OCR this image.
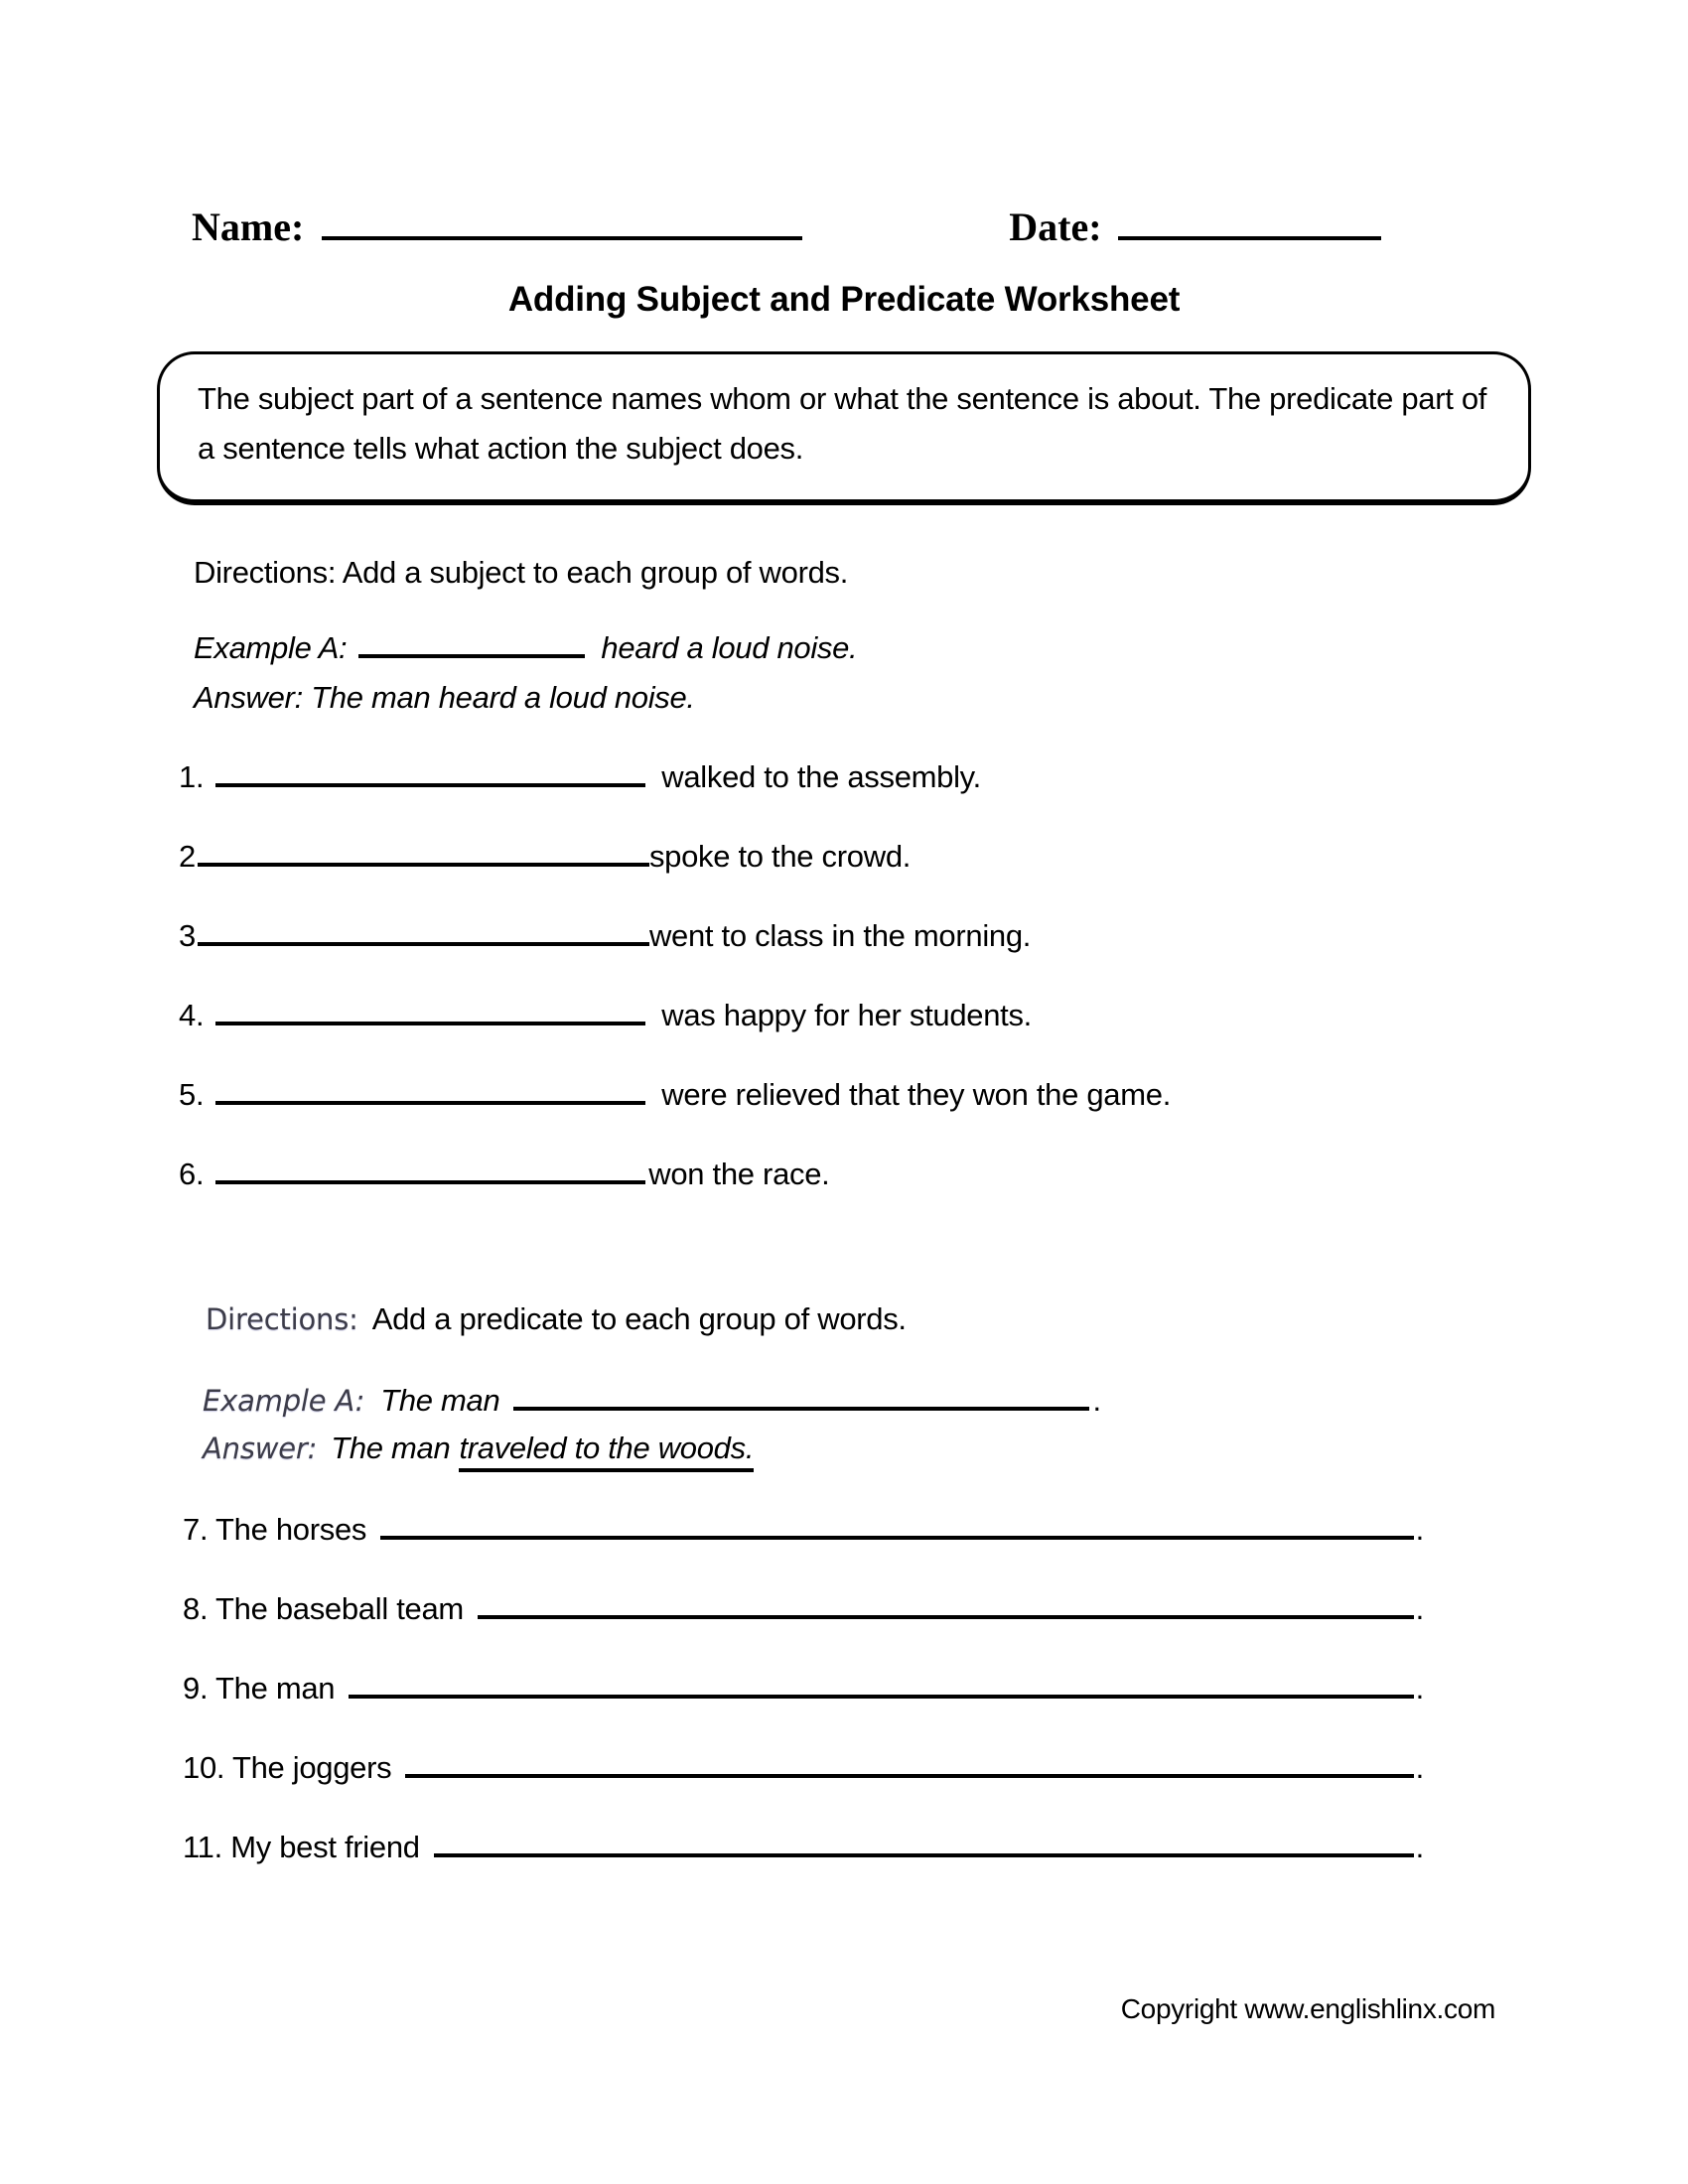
Name:	Date:
Adding Subject and Predicate Worksheet
The subject part of a sentence names whom or what the sentence is about. The predicate part of a sentence tells what action the subject does.
Directions: Add a subject to each group of words.
Example A:	heard a loud noise.
Answer: The man heard a loud noise.
1.	walked to the assembly.
2	spoke to the crowd.
3	went to class in the morning.
4.	was happy for her students.
5.	were relieved that they won the game.
6.	won the race.
Directions: Add a predicate to each group of words.
Example A: The man	.
Answer: The man traveled to the woods.
7. The horses	.
8. The baseball team	.
9. The man	.
10. The joggers	.
11. My best friend	.
Copyright www.englishlinx.com
